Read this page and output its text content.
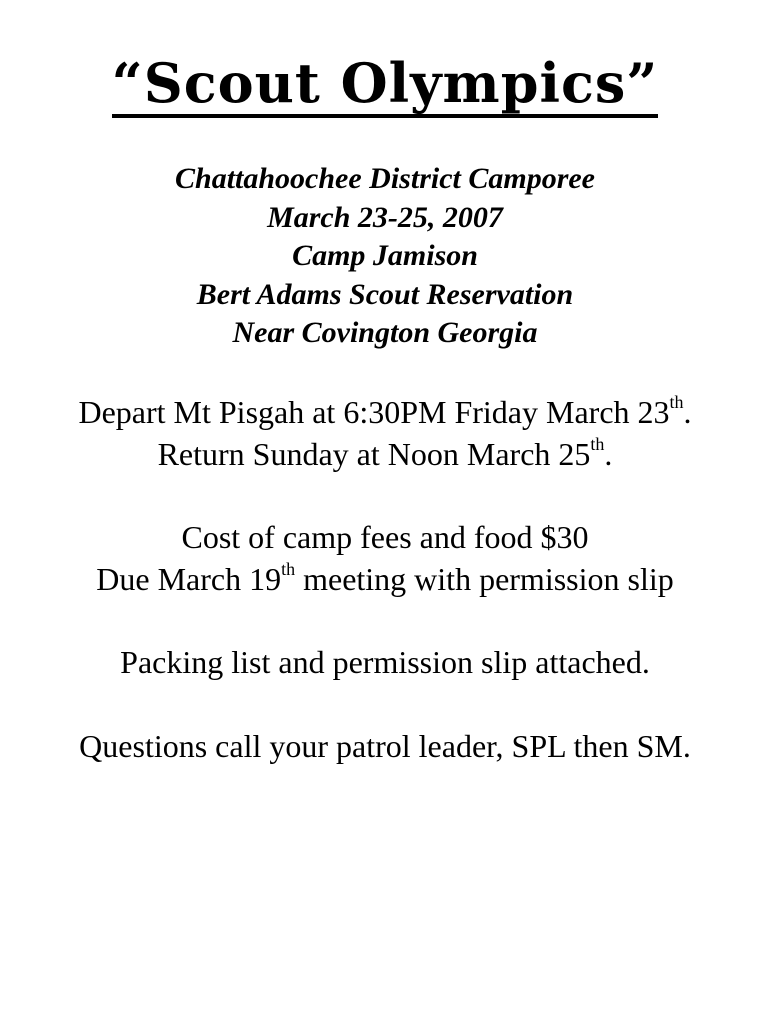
“Scout Olympics”
Chattahoochee District Camporee
March 23-25, 2007
Camp Jamison
Bert Adams Scout Reservation
Near Covington Georgia
Depart Mt Pisgah at 6:30PM Friday March 23th.
Return Sunday at Noon March 25th.
Cost of camp fees and food $30
Due March 19th meeting with permission slip
Packing list and permission slip attached.
Questions call your patrol leader, SPL then SM.
